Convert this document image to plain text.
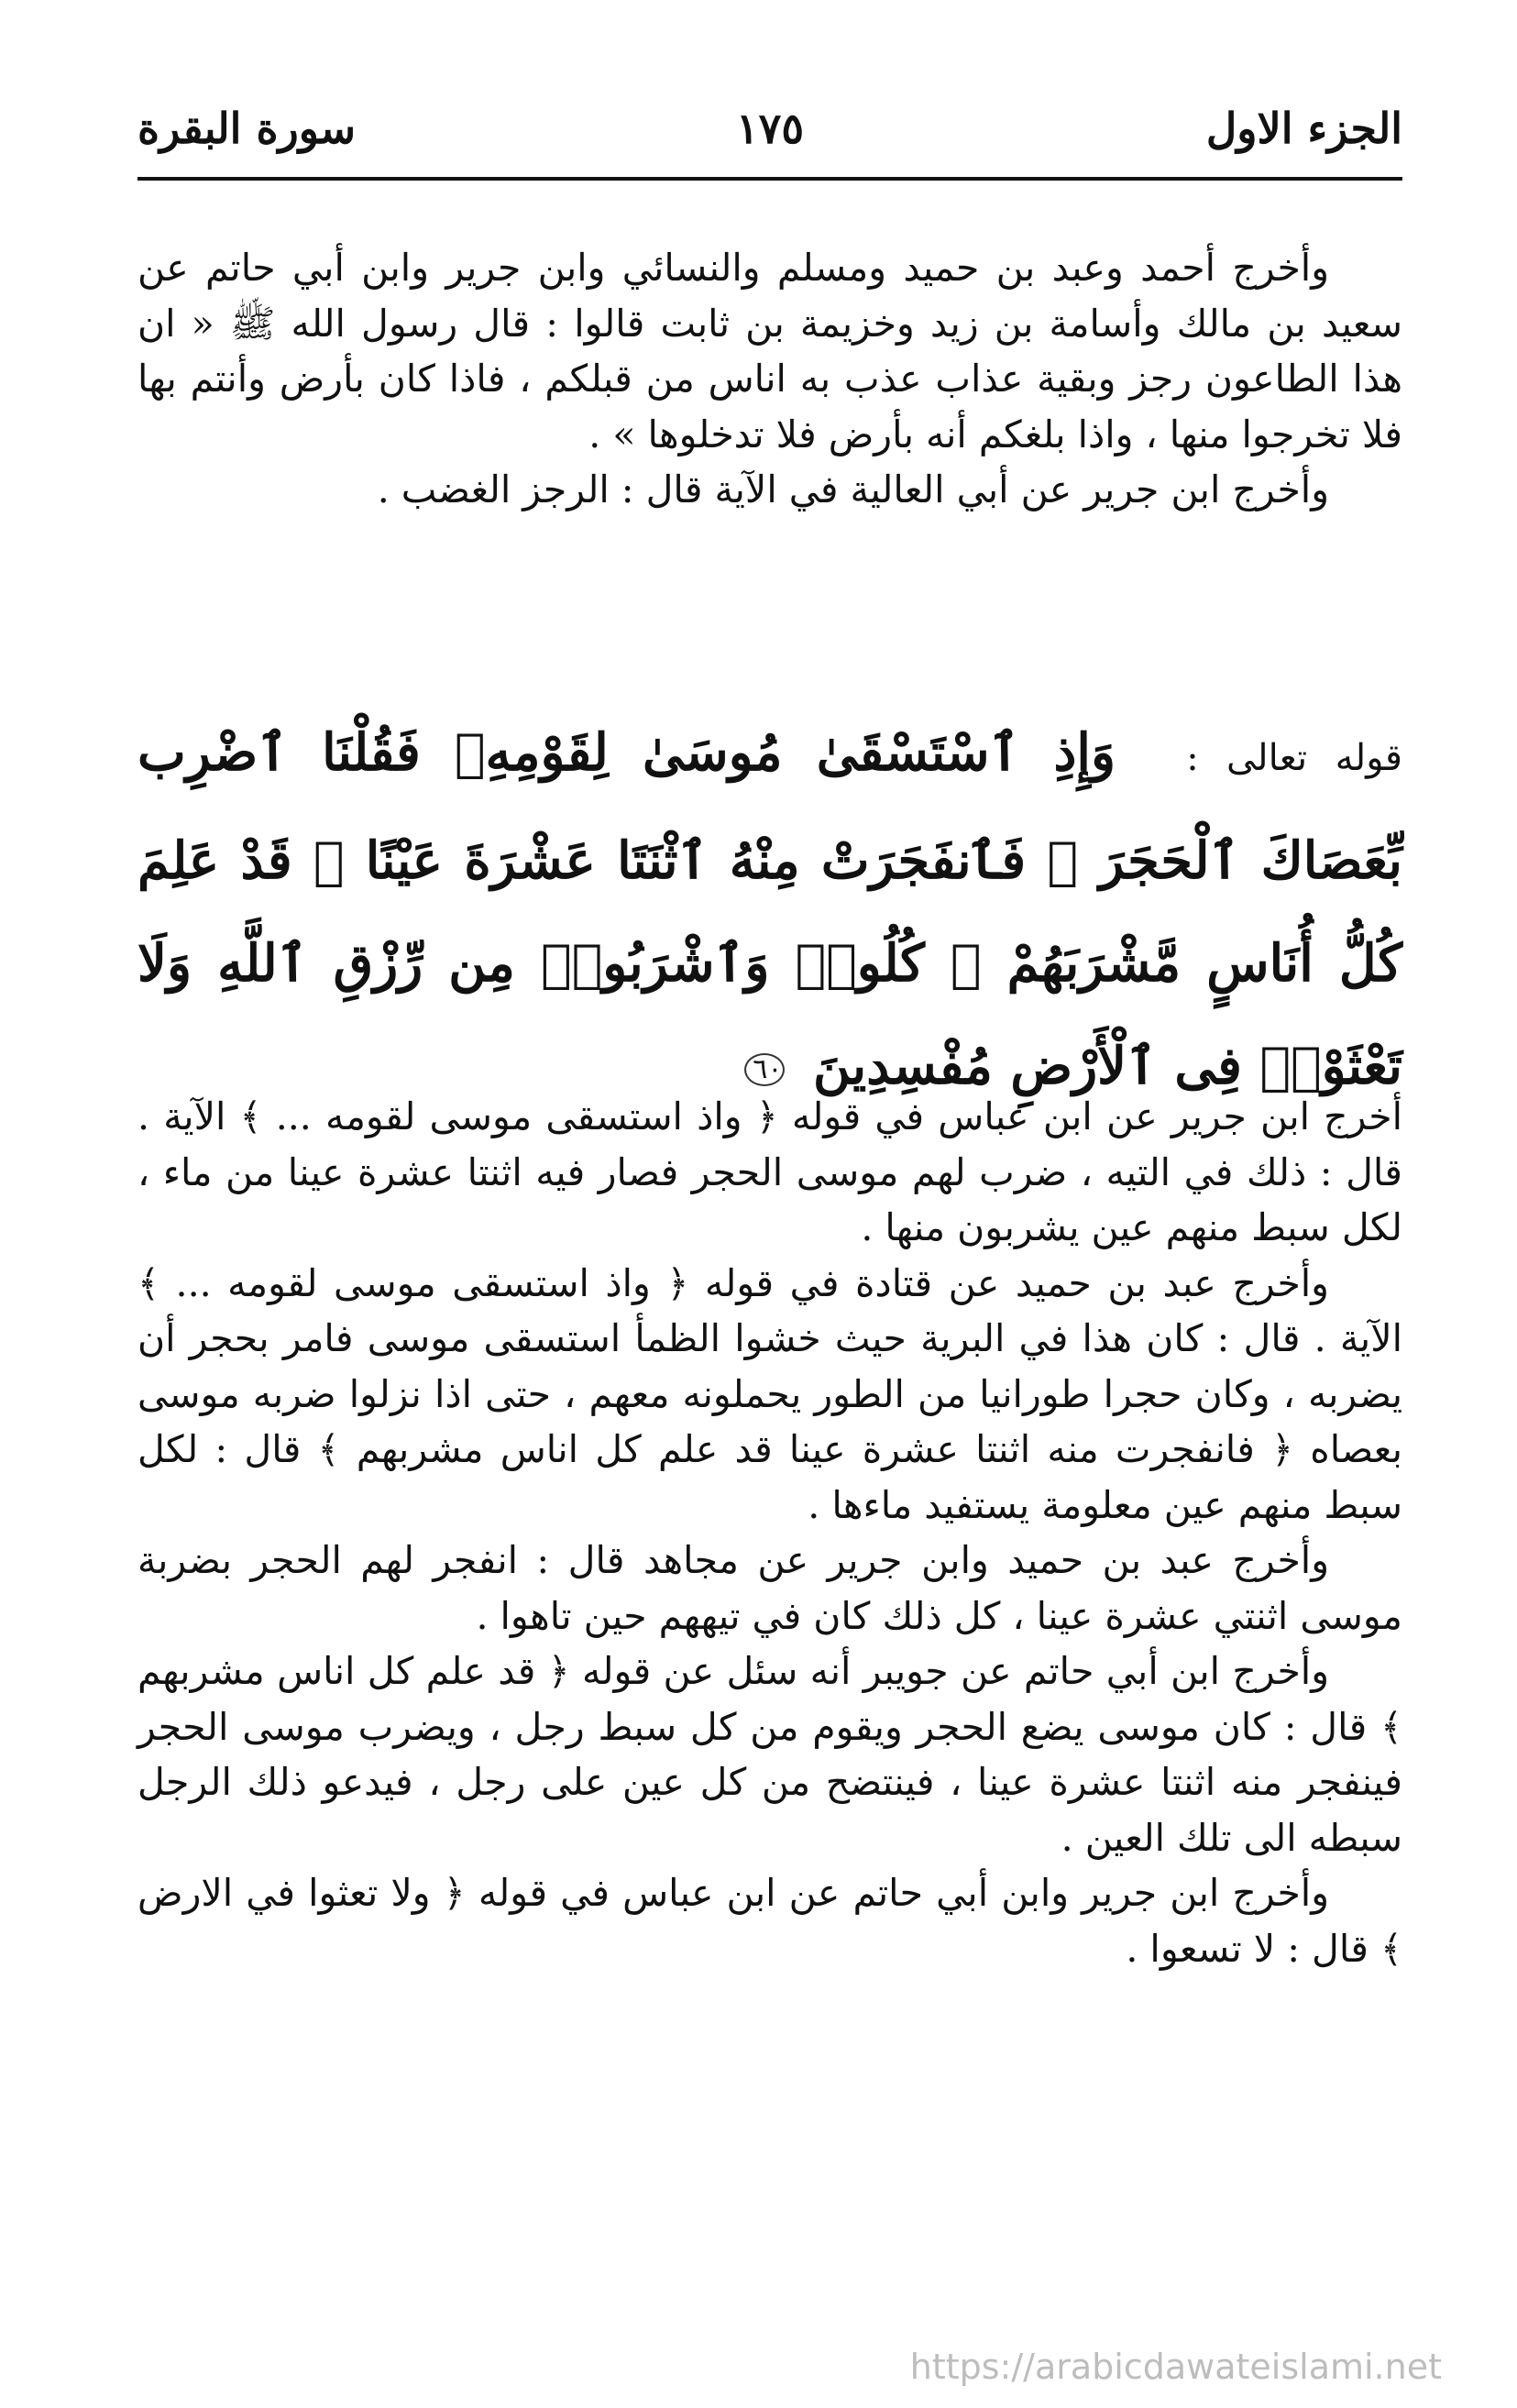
الجزء الاول
١٧٥
سورة البقرة

وأخرج أحمد وعبد بن حميد ومسلم والنسائي وابن جرير وابن أبي حاتم عن سعيد بن مالك وأسامة بن زيد وخزيمة بن ثابت قالوا : قال رسول الله ﷺ « ان هذا الطاعون رجز وبقية عذاب عذب به اناس من قبلكم ، فاذا كان بأرض وأنتم بها فلا تخرجوا منها ، واذا بلغكم أنه بأرض فلا تدخلوها » .

وأخرج ابن جرير عن أبي العالية في الآية قال : الرجز الغضب .

قوله تعالى : وَإِذِ ٱسْتَسْقَىٰ مُوسَىٰ لِقَوْمِهِۦ فَقُلْنَا ٱضْرِب بِّعَصَاكَ ٱلْحَجَرَ ۖ فَٱنفَجَرَتْ مِنْهُ ٱثْنَتَا عَشْرَةَ عَيْنًا ۖ قَدْ عَلِمَ كُلُّ أُنَاسٍ مَّشْرَبَهُمْ ۖ كُلُوا۟ وَٱشْرَبُوا۟ مِن رِّزْقِ ٱللَّهِ وَلَا تَعْثَوْا۟ فِى ٱلْأَرْضِ مُفْسِدِينَ ٦٠

أخرج ابن جرير عن ابن عباس في قوله ﴿ واذ استسقى موسى لقومه ... ﴾ الآية . قال : ذلك في التيه ، ضرب لهم موسى الحجر فصار فيه اثنتا عشرة عينا من ماء ، لكل سبط منهم عين يشربون منها .

وأخرج عبد بن حميد عن قتادة في قوله ﴿ واذ استسقى موسى لقومه ... ﴾ الآية . قال : كان هذا في البرية حيث خشوا الظمأ استسقى موسى فامر بحجر أن يضربه ، وكان حجرا طورانيا من الطور يحملونه معهم ، حتى اذا نزلوا ضربه موسى بعصاه ﴿ فانفجرت منه اثنتا عشرة عينا قد علم كل اناس مشربهم ﴾ قال : لكل سبط منهم عين معلومة يستفيد ماءها .

وأخرج عبد بن حميد وابن جرير عن مجاهد قال : انفجر لهم الحجر بضربة موسى اثنتي عشرة عينا ، كل ذلك كان في تيههم حين تاهوا .

وأخرج ابن أبي حاتم عن جويبر أنه سئل عن قوله ﴿ قد علم كل اناس مشربهم ﴾ قال : كان موسى يضع الحجر ويقوم من كل سبط رجل ، ويضرب موسى الحجر فينفجر منه اثنتا عشرة عينا ، فينتضح من كل عين على رجل ، فيدعو ذلك الرجل سبطه الى تلك العين .

وأخرج ابن جرير وابن أبي حاتم عن ابن عباس في قوله ﴿ ولا تعثوا في الارض ﴾ قال : لا تسعوا .

https://arabicdawateislami.net
